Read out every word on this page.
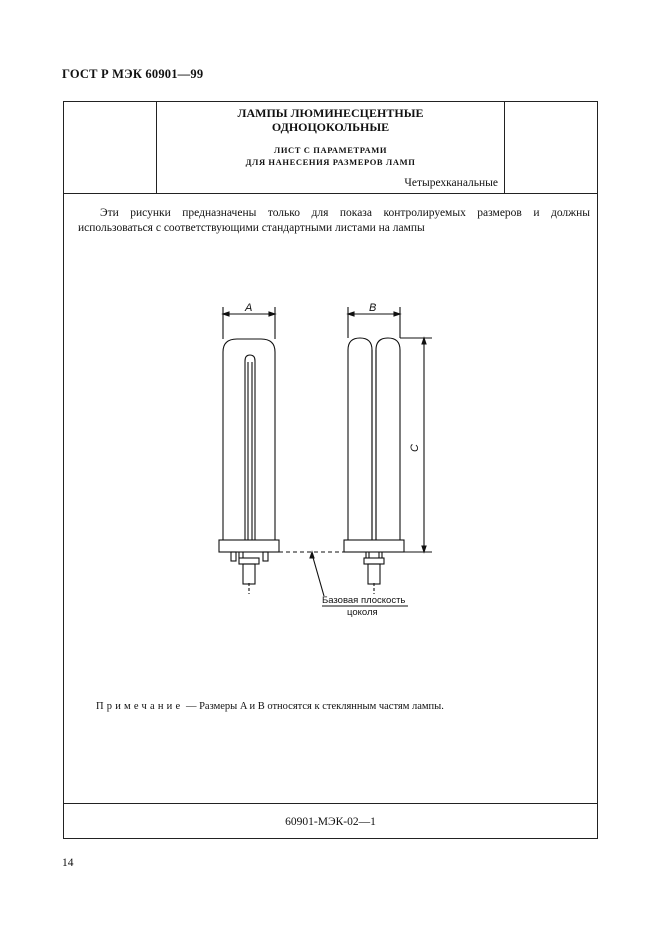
ГОСТ Р МЭК 60901—99
ЛАМПЫ ЛЮМИНЕСЦЕНТНЫЕ
ОДНОЦОКОЛЬНЫЕ
ЛИСТ С ПАРАМЕТРАМИ
ДЛЯ НАНЕСЕНИЯ РАЗМЕРОВ ЛАМП
Четырехканальные
Эти рисунки предназначены только для показа контролируемых размеров и должны использоваться с соответствующими стандартными листами на лампы
A	B
C
Базовая плоскость
цоколя
Примечание — Размеры A и B относятся к стеклянным частям лампы.
60901-МЭК-02—1
14
